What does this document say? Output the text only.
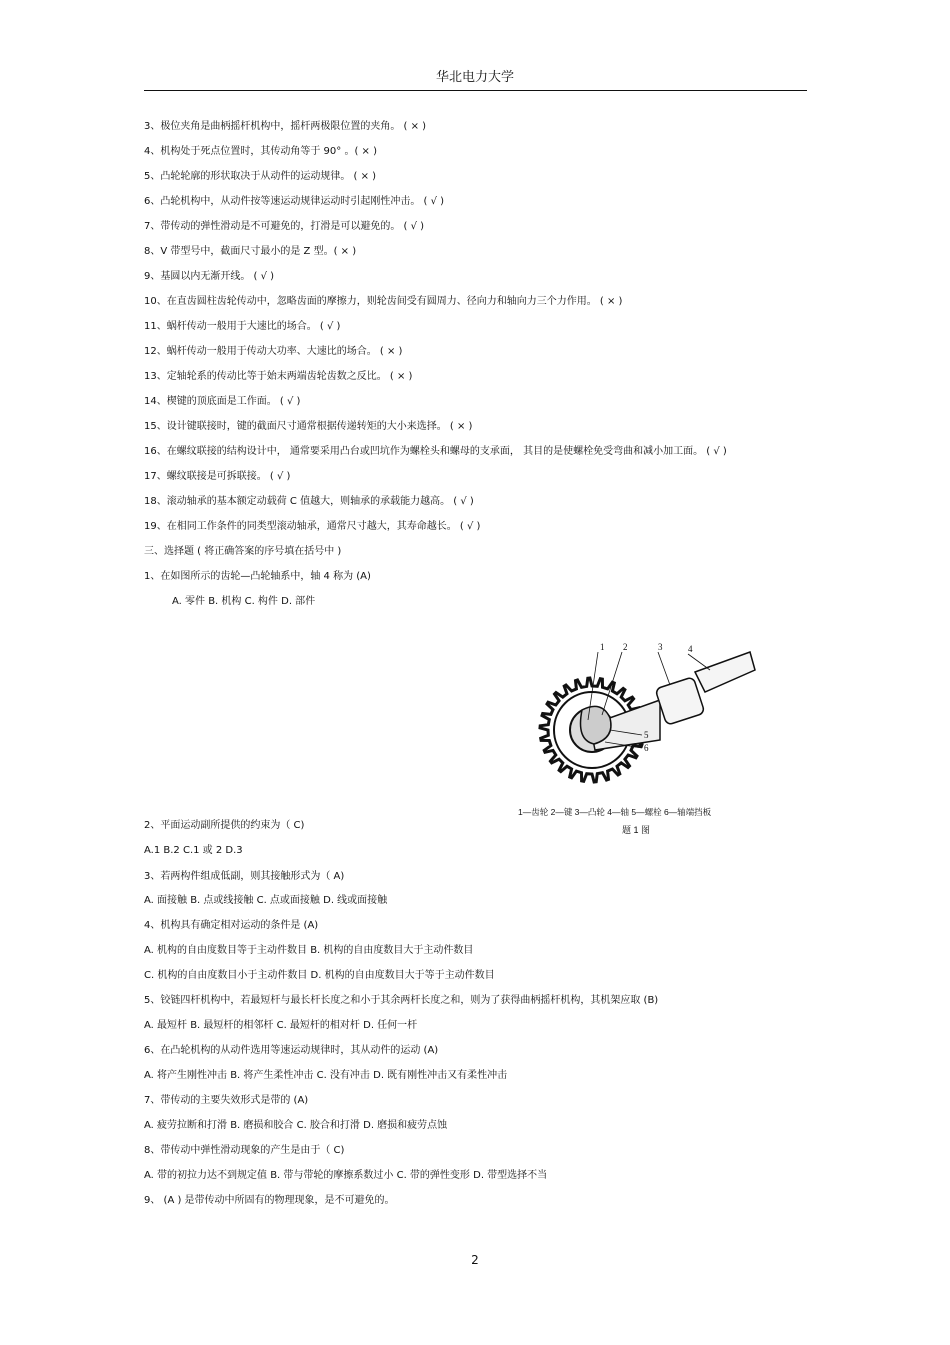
华北电力大学
3、极位夹角是曲柄摇杆机构中，摇杆两极限位置的夹角。 ( × )
4、机构处于死点位置时，其传动角等于 90° 。( × )
5、凸轮轮廓的形状取决于从动件的运动规律。 ( × )
6、凸轮机构中，从动件按等速运动规律运动时引起刚性冲击。 ( √ )
7、带传动的弹性滑动是不可避免的，打滑是可以避免的。 ( √ )
8、V 带型号中，截面尺寸最小的是 Z 型。( × )
9、基圆以内无渐开线。 ( √ )
10、在直齿圆柱齿轮传动中，忽略齿面的摩擦力，则轮齿间受有圆周力、径向力和轴向力三个力作用。 ( × )
11、蜗杆传动一般用于大速比的场合。 ( √ )
12、蜗杆传动一般用于传动大功率、大速比的场合。 ( × )
13、定轴轮系的传动比等于始末两端齿轮齿数之反比。 ( × )
14、楔键的顶底面是工作面。 ( √ )
15、设计键联接时，键的截面尺寸通常根据传递转矩的大小来选择。 ( × )
16、在螺纹联接的结构设计中， 通常要采用凸台或凹坑作为螺栓头和螺母的支承面， 其目的是使螺栓免受弯曲和减小加工面。 ( √ )
17、螺纹联接是可拆联接。 ( √ )
18、滚动轴承的基本额定动载荷 C 值越大，则轴承的承载能力越高。 ( √ )
19、在相同工作条件的同类型滚动轴承，通常尺寸越大，其寿命越长。 ( √ )
三、选择题 ( 将正确答案的序号填在括号中 )
1、在如图所示的齿轮—凸轮轴系中，轴 4 称为 (A)
A. 零件 B. 机构 C. 构件 D. 部件
2、平面运动副所提供的约束为（ C)
A.1 B.2 C.1 或 2 D.3
3、若两构件组成低副，则其接触形式为（ A)
A. 面接触 B. 点或线接触 C. 点或面接触 D. 线或面接触
4、机构具有确定相对运动的条件是 (A)
A. 机构的自由度数目等于主动件数目 B. 机构的自由度数目大于主动件数目
C. 机构的自由度数目小于主动件数目 D. 机构的自由度数目大于等于主动件数目
5、铰链四杆机构中，若最短杆与最长杆长度之和小于其余两杆长度之和，则为了获得曲柄摇杆机构，其机架应取 (B)
A. 最短杆 B. 最短杆的相邻杆 C. 最短杆的相对杆 D. 任何一杆
6、在凸轮机构的从动件选用等速运动规律时，其从动件的运动 (A)
A. 将产生刚性冲击 B. 将产生柔性冲击 C. 没有冲击 D. 既有刚性冲击又有柔性冲击
7、带传动的主要失效形式是带的 (A)
A. 疲劳拉断和打滑 B. 磨损和胶合 C. 胶合和打滑 D. 磨损和疲劳点蚀
8、带传动中弹性滑动现象的产生是由于（ C)
A. 带的初拉力达不到规定值 B. 带与带轮的摩擦系数过小 C. 带的弹性变形 D. 带型选择不当
9、 (A ) 是带传动中所固有的物理现象，是不可避免的。
1 2	3	4
5
6
1—齿轮 2—键 3—凸轮 4—轴 5—螺栓 6—轴端挡板
题 1 图
2
